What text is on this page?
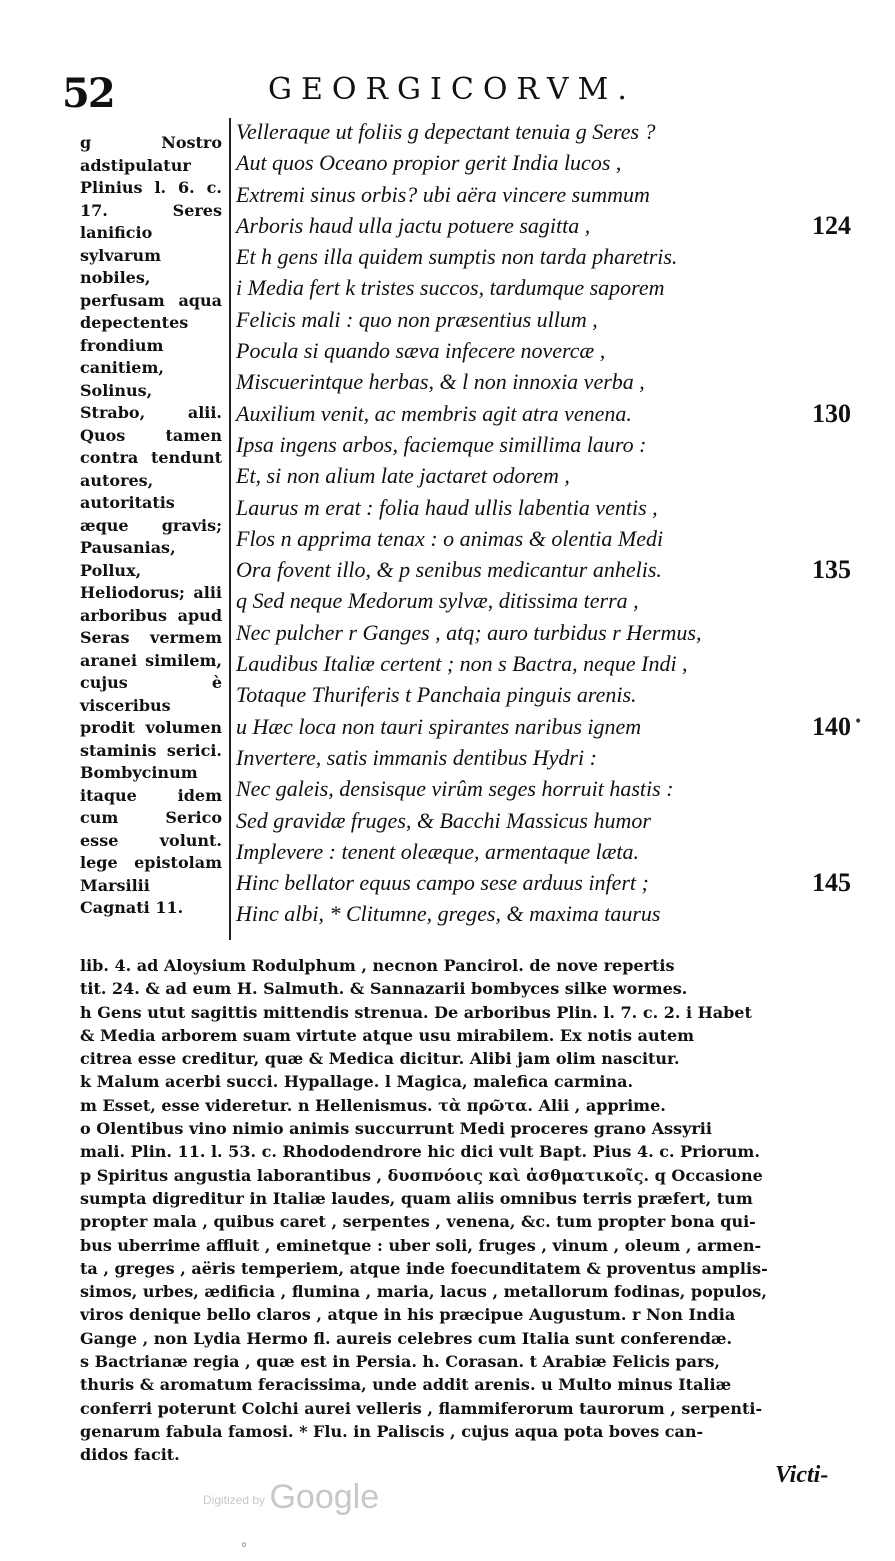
52	GEORGICORVM.
g Nostro adstipulatur Plinius l. 6. c. 17. Seres lanificio sylvarum nobiles, perfusam aqua depectentes frondium canitiem, Solinus, Strabo, alii. Quos tamen contra tendunt autores, autoritatis æque gravis; Pausanias, Pollux, Heliodorus; alii arboribus apud Seras vermem aranei similem, cujus è visceribus prodit volumen staminis serici. Bombycinum itaque idem cum Serico esse volunt. lege epistolam Marsilii Cagnati 11.
Velleraque ut foliis g depectant tenuia g Seres ?
Aut quos Oceano propior gerit India lucos ,
Extremi sinus orbis? ubi aëra vincere summum
Arboris haud ulla jactu potuere sagitta ,	124
Et h gens illa quidem sumptis non tarda pharetris.
i Media fert k tristes succos, tardumque saporem
Felicis mali : quo non præsentius ullum ,
Pocula si quando sæva infecere novercæ ,
Miscuerintque herbas, & l non innoxia verba ,
Auxilium venit, ac membris agit atra venena.	130
Ipsa ingens arbos, faciemque simillima lauro :
Et, si non alium late jactaret odorem ,
Laurus m erat : folia haud ullis labentia ventis ,
Flos n apprima tenax : o animas & olentia Medi
Ora fovent illo, & p senibus medicantur anhelis.	135
q Sed neque Medorum sylvæ, ditissima terra ,
Nec pulcher r Ganges , atq; auro turbidus r Hermus,
Laudibus Italiæ certent ; non s Bactra, neque Indi ,
Totaque Thuriferis t Panchaia pinguis arenis.
u Hæc loca non tauri spirantes naribus ignem	140
Invertere, satis immanis dentibus Hydri :
Nec galeis, densisque virûm seges horruit hastis :
Sed gravidæ fruges, & Bacchi Massicus humor
Implevere : tenent oleæque, armentaque læta.
Hinc bellator equus campo sese arduus infert ;	145
Hinc albi, * Clitumne, greges, & maxima taurus
lib. 4. ad Aloysium Rodulphum , necnon Pancirol. de nove repertis
tit. 24. & ad eum H. Salmuth. & Sannazarii bombyces silke wormes.
h Gens utut sagittis mittendis strenua. De arboribus Plin. l. 7. c. 2. i Habet
& Media arborem suam virtute atque usu mirabilem. Ex notis autem
citrea esse creditur, quæ & Medica dicitur. Alibi jam olim nascitur.
k Malum acerbi succi. Hypallage. l Magica, malefica carmina.
m Esset, esse videretur. n Hellenismus. τὰ πρῶτα. Alii , apprime.
o Olentibus vino nimio animis succurrunt Medi proceres grano Assyrii
mali. Plin. 11. l. 53. c. Rhododendrore hic dici vult Bapt. Pius 4. c. Priorum.
p Spiritus angustia laborantibus , δυσπνόοις καὶ ἀσθματικοῖς. q Occasione
sumpta digreditur in Italiæ laudes, quam aliis omnibus terris præfert, tum
propter mala , quibus caret , serpentes , venena, &c. tum propter bona qui-
bus uberrime affluit , eminetque : uber soli, fruges , vinum , oleum , armen-
ta , greges , aëris temperiem, atque inde foecunditatem & proventus amplis-
simos, urbes, ædificia , flumina , maria, lacus , metallorum fodinas, populos,
viros denique bello claros , atque in his præcipue Augustum. r Non India
Gange , non Lydia Hermo fl. aureis celebres cum Italia sunt conferendæ.
s Bactrianæ regia , quæ est in Persia. h. Corasan. t Arabiæ Felicis pars,
thuris & aromatum feracissima, unde addit arenis. u Multo minus Italiæ
conferri poterunt Colchi aurei velleris , flammiferorum taurorum , serpenti-
genarum fabula famosi. * Flu. in Paliscis , cujus aqua pota boves can-
didos facit.
Victi-
Digitized by Google
•
◦
